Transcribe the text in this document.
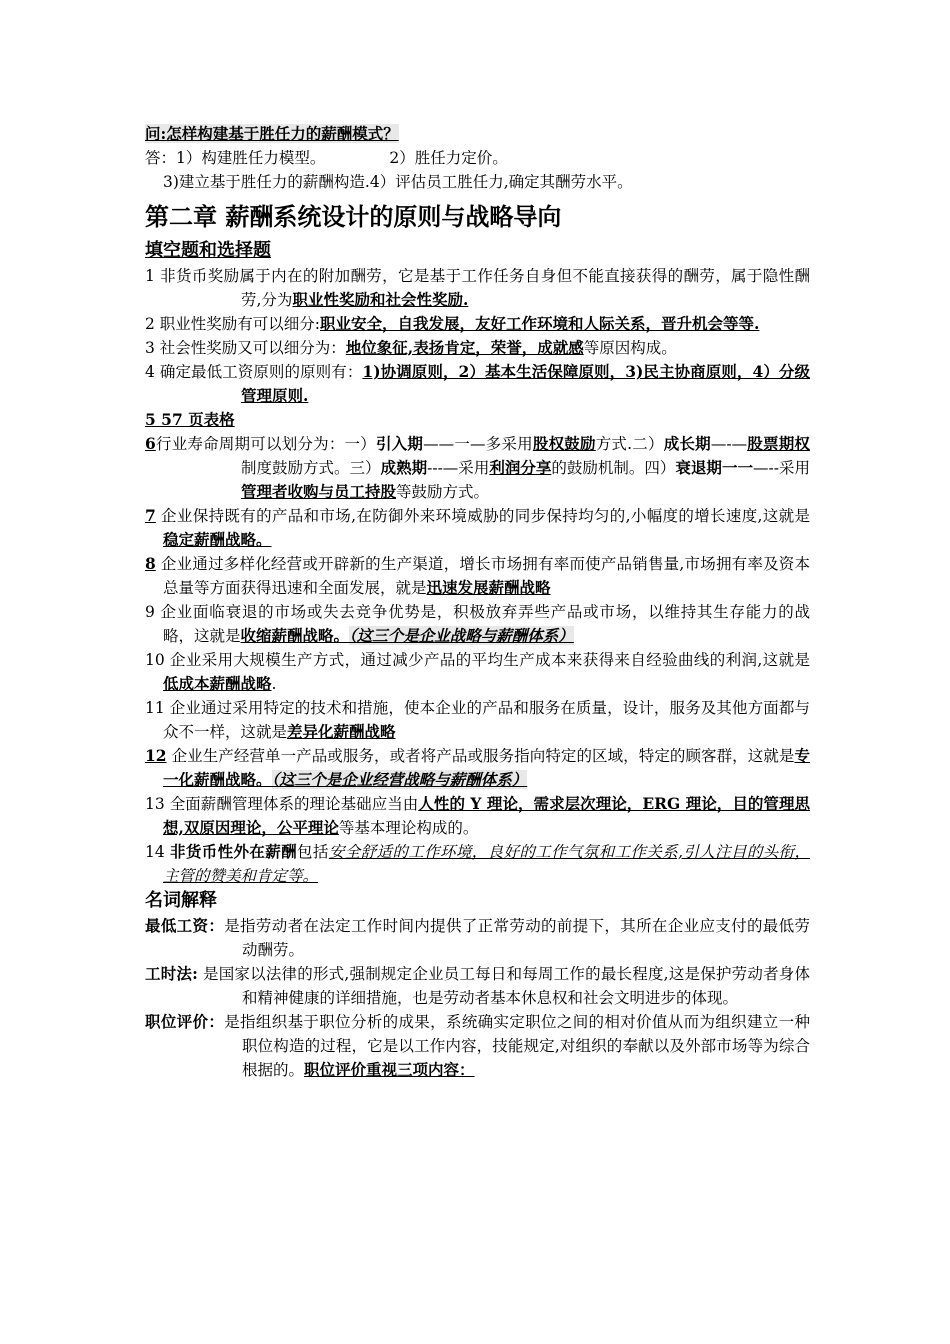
问:怎样构建基于胜任力的薪酬模式？

答：1）构建胜任力模型。	2）胜任力定价。

3)建立基于胜任力的薪酬构造.4）评估员工胜任力,确定其酬劳水平。

第二章 薪酬系统设计的原则与战略导向

填空题和选择题

1 非货币奖励属于内在的附加酬劳，它是基于工作任务自身但不能直接获得的酬劳，属于隐性酬劳,分为职业性奖励和社会性奖励.

2 职业性奖励有可以细分:职业安全，自我发展，友好工作环境和人际关系，晋升机会等等.

3 社会性奖励又可以细分为：地位象征,表扬肯定，荣誉，成就感等原因构成。

4 确定最低工资原则的原则有：1)协调原则，2）基本生活保障原则，3)民主协商原则，4）分级管理原则.

5 57 页表格

6行业寿命周期可以划分为：一）引入期——一—多采用股权鼓励方式.二）成长期—-—股票期权制度鼓励方式。三）成熟期---—采用利润分享的鼓励机制。四）衰退期一一—--采用管理者收购与员工持股等鼓励方式。

7 企业保持既有的产品和市场,在防御外来环境威胁的同步保持均匀的,小幅度的增长速度,这就是稳定薪酬战略。

8 企业通过多样化经营或开辟新的生产渠道，增长市场拥有率而使产品销售量,市场拥有率及资本总量等方面获得迅速和全面发展，就是迅速发展薪酬战略

9 企业面临衰退的市场或失去竞争优势是，积极放弃弄些产品或市场，以维持其生存能力的战略，这就是收缩薪酬战略。（这三个是企业战略与薪酬体系）

10 企业采用大规模生产方式，通过减少产品的平均生产成本来获得来自经验曲线的利润,这就是低成本薪酬战略.

11 企业通过采用特定的技术和措施，使本企业的产品和服务在质量，设计，服务及其他方面都与众不一样，这就是差异化薪酬战略

12 企业生产经营单一产品或服务，或者将产品或服务指向特定的区域，特定的顾客群，这就是专一化薪酬战略。（这三个是企业经营战略与薪酬体系）

13 全面薪酬管理体系的理论基础应当由人性的 Y 理论，需求层次理论，ERG 理论，目的管理思想,双原因理论，公平理论等基本理论构成的。

14 非货币性外在薪酬包括安全舒适的工作环境，良好的工作气氛和工作关系,引人注目的头衔，主管的赞美和肯定等。

名词解释

最低工资：是指劳动者在法定工作时间内提供了正常劳动的前提下，其所在企业应支付的最低劳动酬劳。

工时法: 是国家以法律的形式,强制规定企业员工每日和每周工作的最长程度,这是保护劳动者身体和精神健康的详细措施，也是劳动者基本休息权和社会文明进步的体现。

职位评价：是指组织基于职位分析的成果，系统确实定职位之间的相对价值从而为组织建立一种职位构造的过程，它是以工作内容，技能规定,对组织的奉献以及外部市场等为综合根据的。职位评价重视三项内容：
